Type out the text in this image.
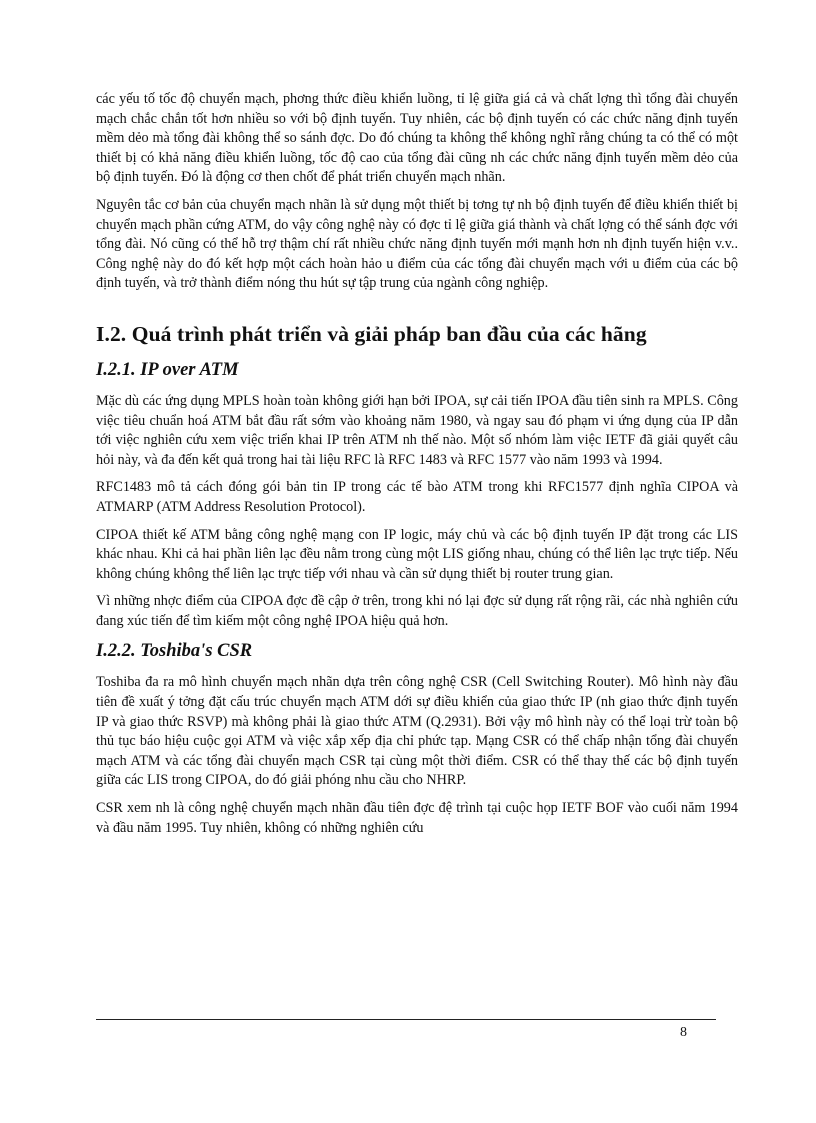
các yếu tố tốc độ chuyển mạch, phơng thức điều khiển luồng, tỉ lệ giữa giá cả và chất lợng thì tổng đài chuyển mạch chắc chắn tốt hơn nhiều so với bộ định tuyến. Tuy nhiên, các bộ định tuyến có các chức năng định tuyến mềm dẻo mà tổng đài không thể so sánh đợc. Do đó chúng ta không thể không nghĩ rằng chúng ta có thể có một thiết bị có khả năng điều khiển luồng, tốc độ cao của tổng đài cũng nh các chức năng định tuyến mềm dẻo của bộ định tuyến. Đó là động cơ then chốt để phát triển chuyển mạch nhãn.

Nguyên tắc cơ bản của chuyển mạch nhãn là sử dụng một thiết bị tơng tự nh bộ định tuyến để điều khiển thiết bị chuyển mạch phần cứng ATM, do vậy công nghệ này có đợc tỉ lệ giữa giá thành và chất lợng có thể sánh đợc với tổng đài. Nó cũng có thể hỗ trợ thậm chí rất nhiều chức năng định tuyến mới mạnh hơn nh định tuyến hiện v.v.. Công nghệ này do đó kết hợp một cách hoàn hảo u điểm của các tổng đài chuyển mạch với u điểm của các bộ định tuyến, và trở thành điểm nóng thu hút sự tập trung của ngành công nghiệp.

I.2. Quá trình phát triển và giải pháp ban đầu của các hãng
I.2.1. IP over ATM

Mặc dù các ứng dụng MPLS hoàn toàn không giới hạn bởi IPOA, sự cải tiến IPOA đầu tiên sinh ra MPLS. Công việc tiêu chuẩn hoá ATM bắt đầu rất sớm vào khoảng năm 1980, và ngay sau đó phạm vi ứng dụng của IP dẫn tới việc nghiên cứu xem việc triển khai IP trên ATM nh thế nào. Một số nhóm làm việc IETF đã giải quyết câu hỏi này, và đa đến kết quả trong hai tài liệu RFC là RFC 1483 và RFC 1577 vào năm 1993 và 1994.

RFC1483 mô tả cách đóng gói bản tin IP trong các tế bào ATM trong khi RFC1577 định nghĩa CIPOA và ATMARP (ATM Address Resolution Protocol).

CIPOA thiết kế ATM bằng công nghệ mạng con IP logic, máy chủ và các bộ định tuyến IP đặt trong các LIS khác nhau. Khi cả hai phần liên lạc đều nằm trong cùng một LIS giống nhau, chúng có thể liên lạc trực tiếp. Nếu không chúng không thể liên lạc trực tiếp với nhau và cần sử dụng thiết bị router trung gian.

Vì những nhợc điểm của CIPOA đợc đề cập ở trên, trong khi nó lại đợc sử dụng rất rộng rãi, các nhà nghiên cứu đang xúc tiến để tìm kiếm một công nghệ IPOA hiệu quả hơn.

I.2.2. Toshiba's CSR

Toshiba đa ra mô hình chuyển mạch nhãn dựa trên công nghệ CSR (Cell Switching Router). Mô hình này đầu tiên đề xuất ý tởng đặt cấu trúc chuyển mạch ATM dới sự điều khiển của giao thức IP (nh giao thức định tuyến IP và giao thức RSVP) mà không phải là giao thức ATM (Q.2931). Bởi vậy mô hình này có thể loại trừ toàn bộ thủ tục báo hiệu cuộc gọi ATM và việc xắp xếp địa chỉ phức tạp. Mạng CSR có thể chấp nhận tổng đài chuyển mạch ATM và các tổng đài chuyển mạch CSR tại cùng một thời điểm. CSR có thể thay thế các bộ định tuyến giữa các LIS trong CIPOA, do đó giải phóng nhu cầu cho NHRP.

CSR xem nh là công nghệ chuyển mạch nhãn đầu tiên đợc đệ trình tại cuộc họp IETF BOF vào cuối năm 1994 và đầu năm 1995. Tuy nhiên, không có những nghiên cứu

8
